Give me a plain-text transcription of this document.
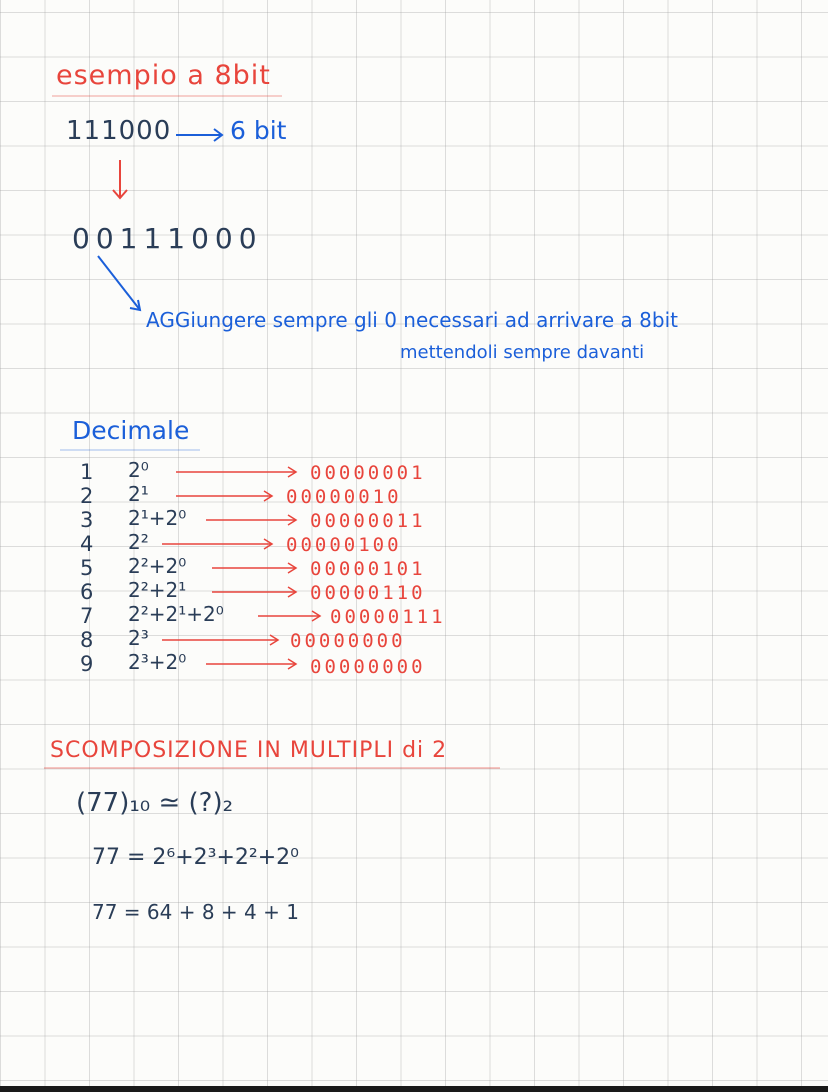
esempio a 8bit
111000 6 bit
00111000
AGGiungere sempre gli 0 necessari ad arrivare a 8bit
mettendoli sempre davanti
Decimale
1 2⁰	00000001
2 2¹	00000010
3 2¹+2⁰	00000011
4 2²	00000100
5 2²+2⁰	00000101
6 2²+2¹	00000110
7 2²+2¹+2⁰	00000111
8 2³	00000000
9 2³+2⁰	00000000
SCOMPOSIZIONE IN MULTIPLI di 2
(77)₁₀ ≃ (?)₂
77 = 2⁶+2³+2²+2⁰
77 = 64 + 8 + 4 + 1
